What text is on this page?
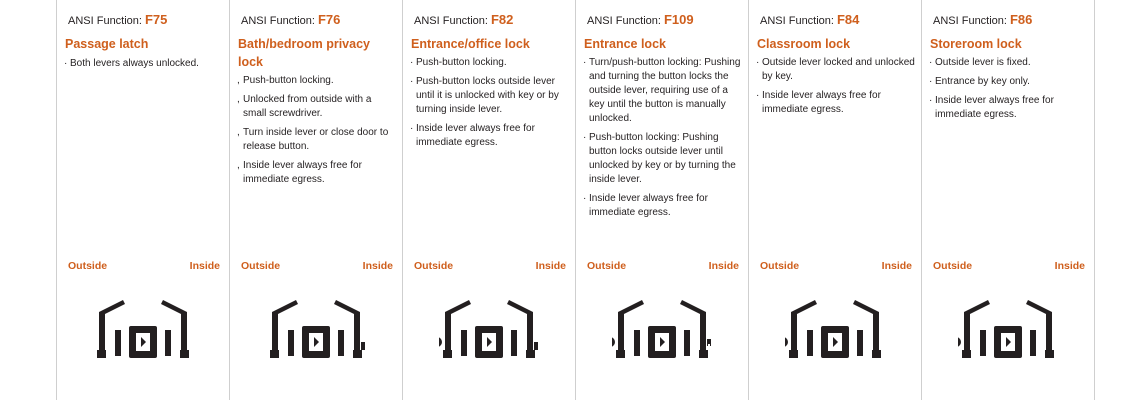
ANSI Function: F75
Passage latch
· Both levers always unlocked.
Outside	Inside
ANSI Function: F76
Bath/bedroom privacy lock
, Push-button locking.
, Unlocked from outside with a small screwdriver.
, Turn inside lever or close door to release button.
, Inside lever always free for immediate egress.
Outside	Inside
ANSI Function: F82
Entrance/office lock
· Push-button locking.
· Push-button locks outside lever until it is unlocked with key or by turning inside lever.
· Inside lever always free for immediate egress.
Outside	Inside
ANSI Function: F109
Entrance lock
· Turn/push-button locking: Pushing and turning the button locks the outside lever, requiring use of a key until the button is manually unlocked.
· Push-button locking: Pushing button locks outside lever until unlocked by key or by turning the inside lever.
· Inside lever always free for immediate egress.
Outside	Inside
ANSI Function: F84
Classroom lock
· Outside lever locked and unlocked by key.
· Inside lever always free for immediate egress.
Outside	Inside
ANSI Function: F86
Storeroom lock
· Outside lever is fixed.
· Entrance by key only.
· Inside lever always free for immediate egress.
Outside	Inside
